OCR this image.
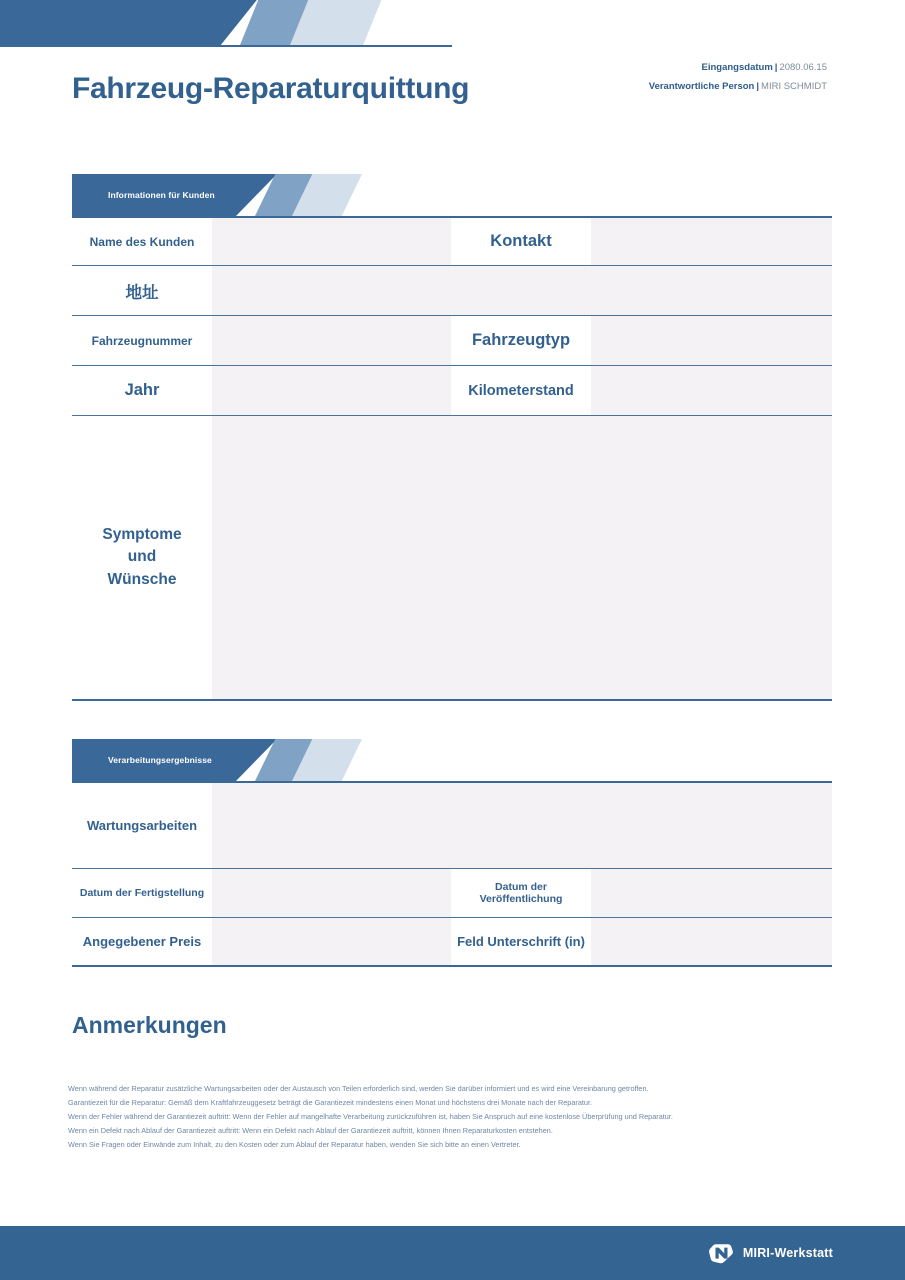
Fahrzeug-Reparaturquittung
Eingangsdatum | 2080.06.15
Verantwortliche Person | MIRI SCHMIDT
Informationen für Kunden
Name des Kunden	Kontakt
地址
Fahrzeugnummer	Fahrzeugtyp
Jahr	Kilometerstand
Symptome
und
Wünsche
Verarbeitungsergebnisse
Wartungsarbeiten
Datum der Fertigstellung	Datum der Veröffentlichung
Angegebener Preis	Feld Unterschrift (in)
Anmerkungen

Wenn während der Reparatur zusätzliche Wartungsarbeiten oder der Austausch von Teilen erforderlich sind, werden Sie darüber informiert und es wird eine Vereinbarung getroffen.

Garantiezeit für die Reparatur: Gemäß dem Kraftfahrzeuggesetz beträgt die Garantiezeit mindestens einen Monat und höchstens drei Monate nach der Reparatur.

Wenn der Fehler während der Garantiezeit auftritt: Wenn der Fehler auf mangelhafte Verarbeitung zurückzuführen ist, haben Sie Anspruch auf eine kostenlose Überprüfung und Reparatur.

Wenn ein Defekt nach Ablauf der Garantiezeit auftritt: Wenn ein Defekt nach Ablauf der Garantiezeit auftritt, können Ihnen Reparaturkosten entstehen.

Wenn Sie Fragen oder Einwände zum Inhalt, zu den Kosten oder zum Ablauf der Reparatur haben, wenden Sie sich bitte an einen Vertreter.

MIRI-Werkstatt
